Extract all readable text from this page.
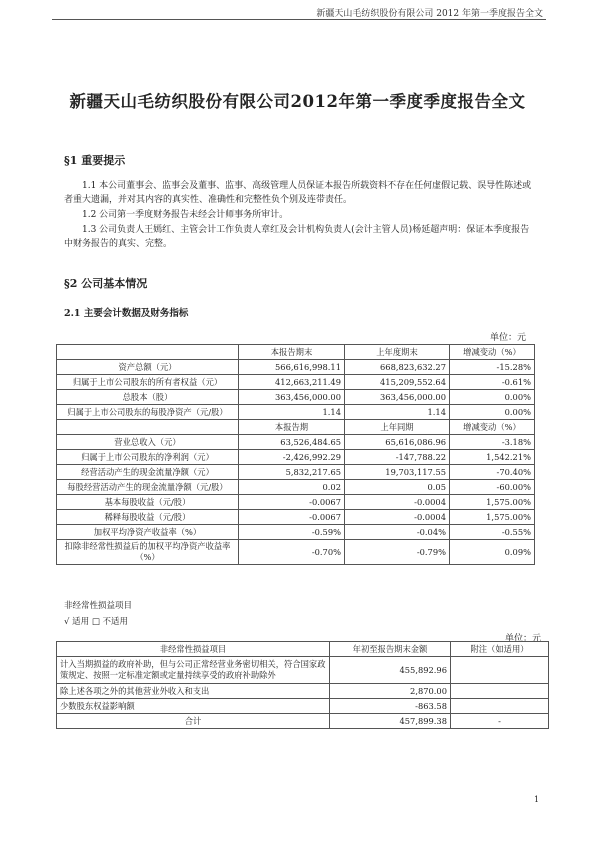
新疆天山毛纺织股份有限公司 2012 年第一季度报告全文
新疆天山毛纺织股份有限公司2012年第一季度季度报告全文
§1 重要提示
1.1 本公司董事会、监事会及董事、监事、高级管理人员保证本报告所载资料不存在任何虚假记载、误导性陈述或者重大遗漏，并对其内容的真实性、准确性和完整性负个别及连带责任。
1.2 公司第一季度财务报告未经会计师事务所审计。
1.3 公司负责人王嫣红、主管会计工作负责人章红及会计机构负责人(会计主管人员)杨延超声明：保证本季度报告中财务报告的真实、完整。
§2 公司基本情况
2.1 主要会计数据及财务指标
单位：元
	本报告期末	上年度期末	增减变动（%）
资产总额（元）	566,616,998.11	668,823,632.27	-15.28%
归属于上市公司股东的所有者权益（元）	412,663,211.49	415,209,552.64	-0.61%
总股本（股）	363,456,000.00	363,456,000.00	0.00%
归属于上市公司股东的每股净资产（元/股）	1.14	1.14	0.00%
	本报告期	上年同期	增减变动（%）
营业总收入（元）	63,526,484.65	65,616,086.96	-3.18%
归属于上市公司股东的净利润（元）	-2,426,992.29	-147,788.22	1,542.21%
经营活动产生的现金流量净额（元）	5,832,217.65	19,703,117.55	-70.40%
每股经营活动产生的现金流量净额（元/股）	0.02	0.05	-60.00%
基本每股收益（元/股）	-0.0067	-0.0004	1,575.00%
稀释每股收益（元/股）	-0.0067	-0.0004	1,575.00%
加权平均净资产收益率（%）	-0.59%	-0.04%	-0.55%
扣除非经常性损益后的加权平均净资产收益率（%）	-0.70%	-0.79%	0.09%
非经常性损益项目
√ 适用 □ 不适用
单位：元
非经常性损益项目	年初至报告期末金额	附注（如适用）
计入当期损益的政府补助，但与公司正常经营业务密切相关，符合国家政策规定、按照一定标准定额或定量持续享受的政府补助除外	455,892.96	
除上述各项之外的其他营业外收入和支出	2,870.00	
少数股东权益影响额	-863.58	
合计	457,899.38	-
1
